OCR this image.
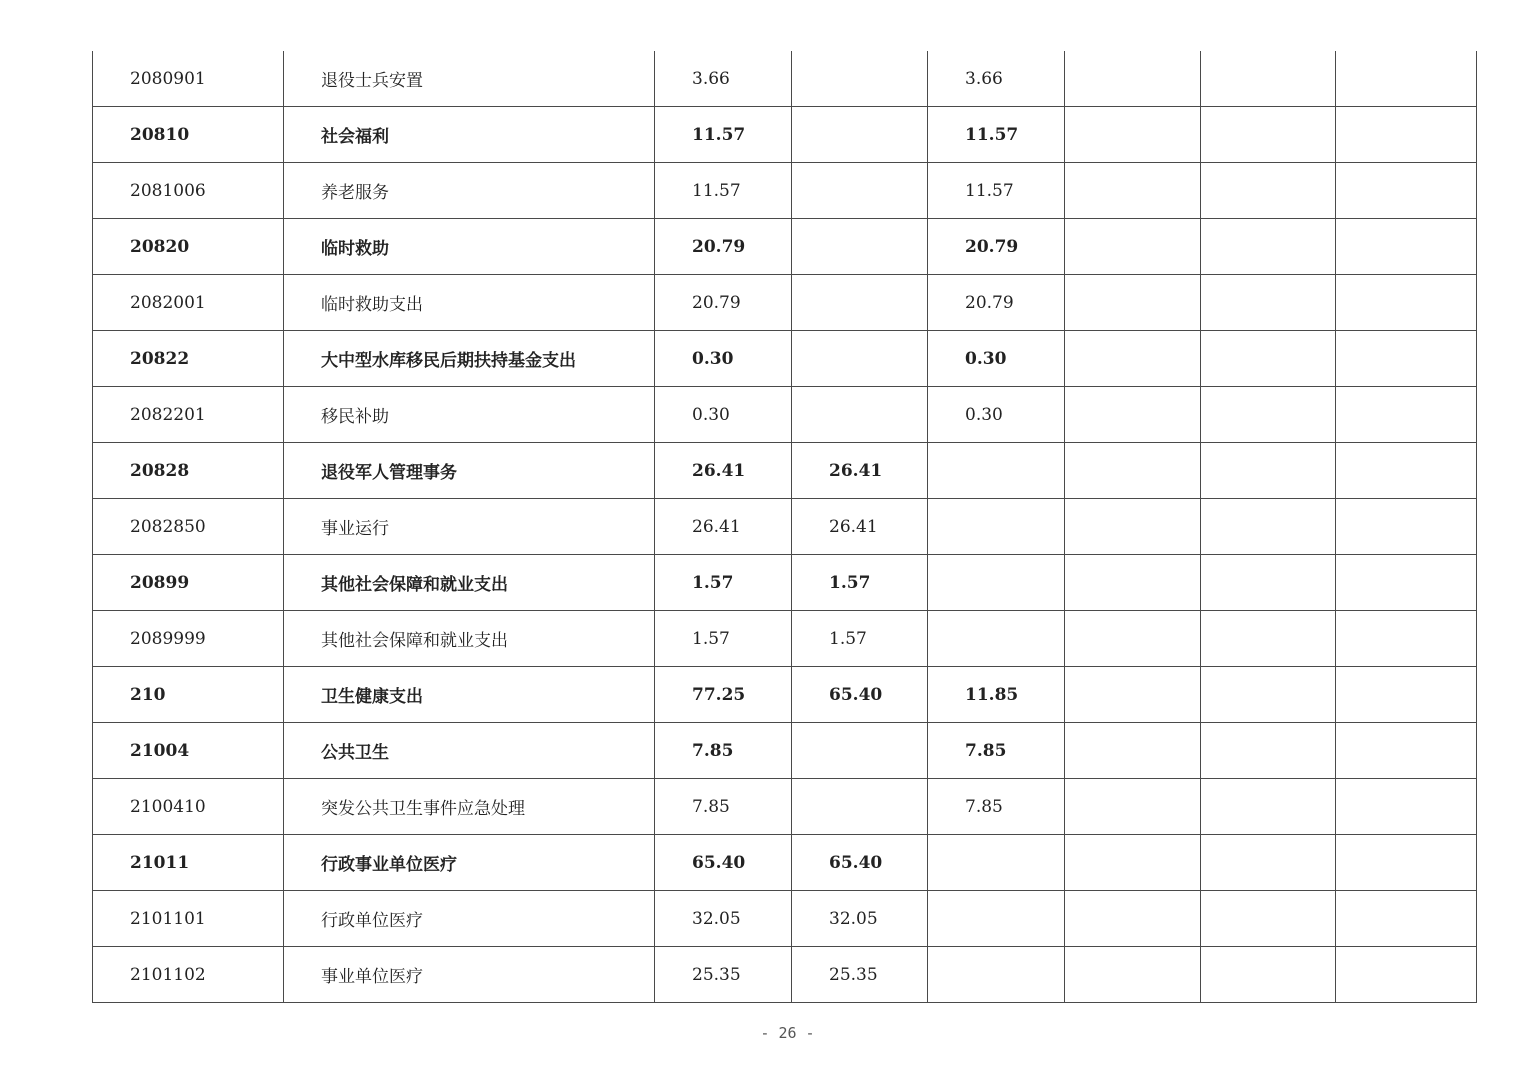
2080901	退役士兵安置	3.66		3.66			
20810	社会福利	11.57		11.57			
2081006	养老服务	11.57		11.57			
20820	临时救助	20.79		20.79			
2082001	临时救助支出	20.79		20.79			
20822	大中型水库移民后期扶持基金支出	0.30		0.30			
2082201	移民补助	0.30		0.30			
20828	退役军人管理事务	26.41	26.41				
2082850	事业运行	26.41	26.41				
20899	其他社会保障和就业支出	1.57	1.57				
2089999	其他社会保障和就业支出	1.57	1.57				
210	卫生健康支出	77.25	65.40	11.85			
21004	公共卫生	7.85		7.85			
2100410	突发公共卫生事件应急处理	7.85		7.85			
21011	行政事业单位医疗	65.40	65.40				
2101101	行政单位医疗	32.05	32.05				
2101102	事业单位医疗	25.35	25.35				
- 26 -
